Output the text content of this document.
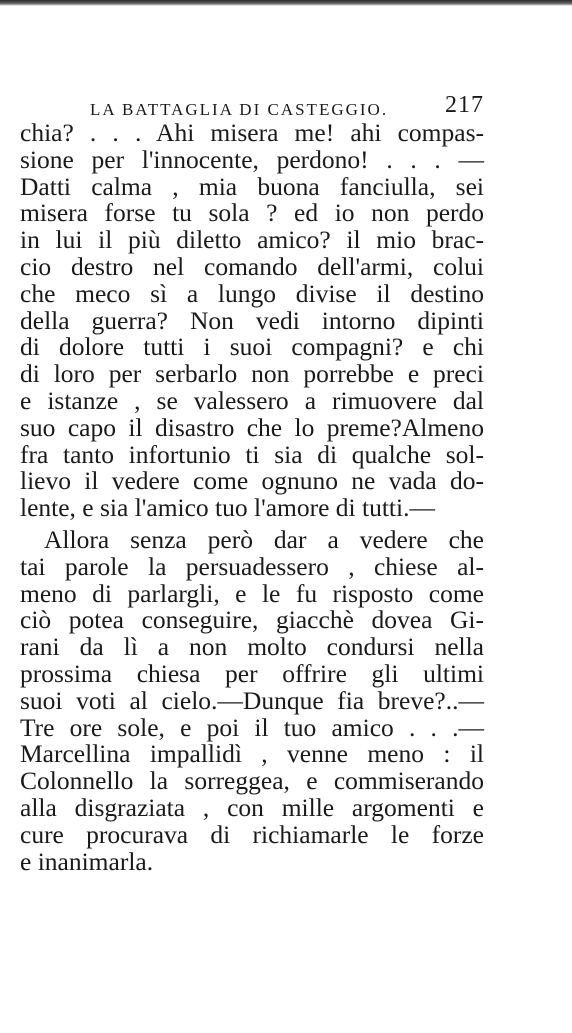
LA BATTAGLIA DI CASTEGGIO. 217
chia? . . . Ahi misera me! ahi compas-
sione per l'innocente, perdono! . . . —
Datti calma , mia buona fanciulla, sei
misera forse tu sola ? ed io non perdo
in lui il più diletto amico? il mio brac-
cio destro nel comando dell'armi, colui
che meco sì a lungo divise il destino
della guerra? Non vedi intorno dipinti
di dolore tutti i suoi compagni? e chi
di loro per serbarlo non porrebbe e preci
e istanze , se valessero a rimuovere dal
suo capo il disastro che lo preme?Almeno
fra tanto infortunio ti sia di qualche sol-
lievo il vedere come ognuno ne vada do-
lente, e sia l'amico tuo l'amore di tutti.—
Allora senza però dar a vedere che
tai parole la persuadessero , chiese al-
meno di parlargli, e le fu risposto come
ciò potea conseguire, giacchè dovea Gi-
rani da lì a non molto condursi nella
prossima chiesa per offrire gli ultimi
suoi voti al cielo.—Dunque fia breve?..—
Tre ore sole, e poi il tuo amico . . .—
Marcellina impallidì , venne meno : il
Colonnello la sorreggea, e commiserando
alla disgraziata , con mille argomenti e
cure procurava di richiamarle le forze
e inanimarla.
